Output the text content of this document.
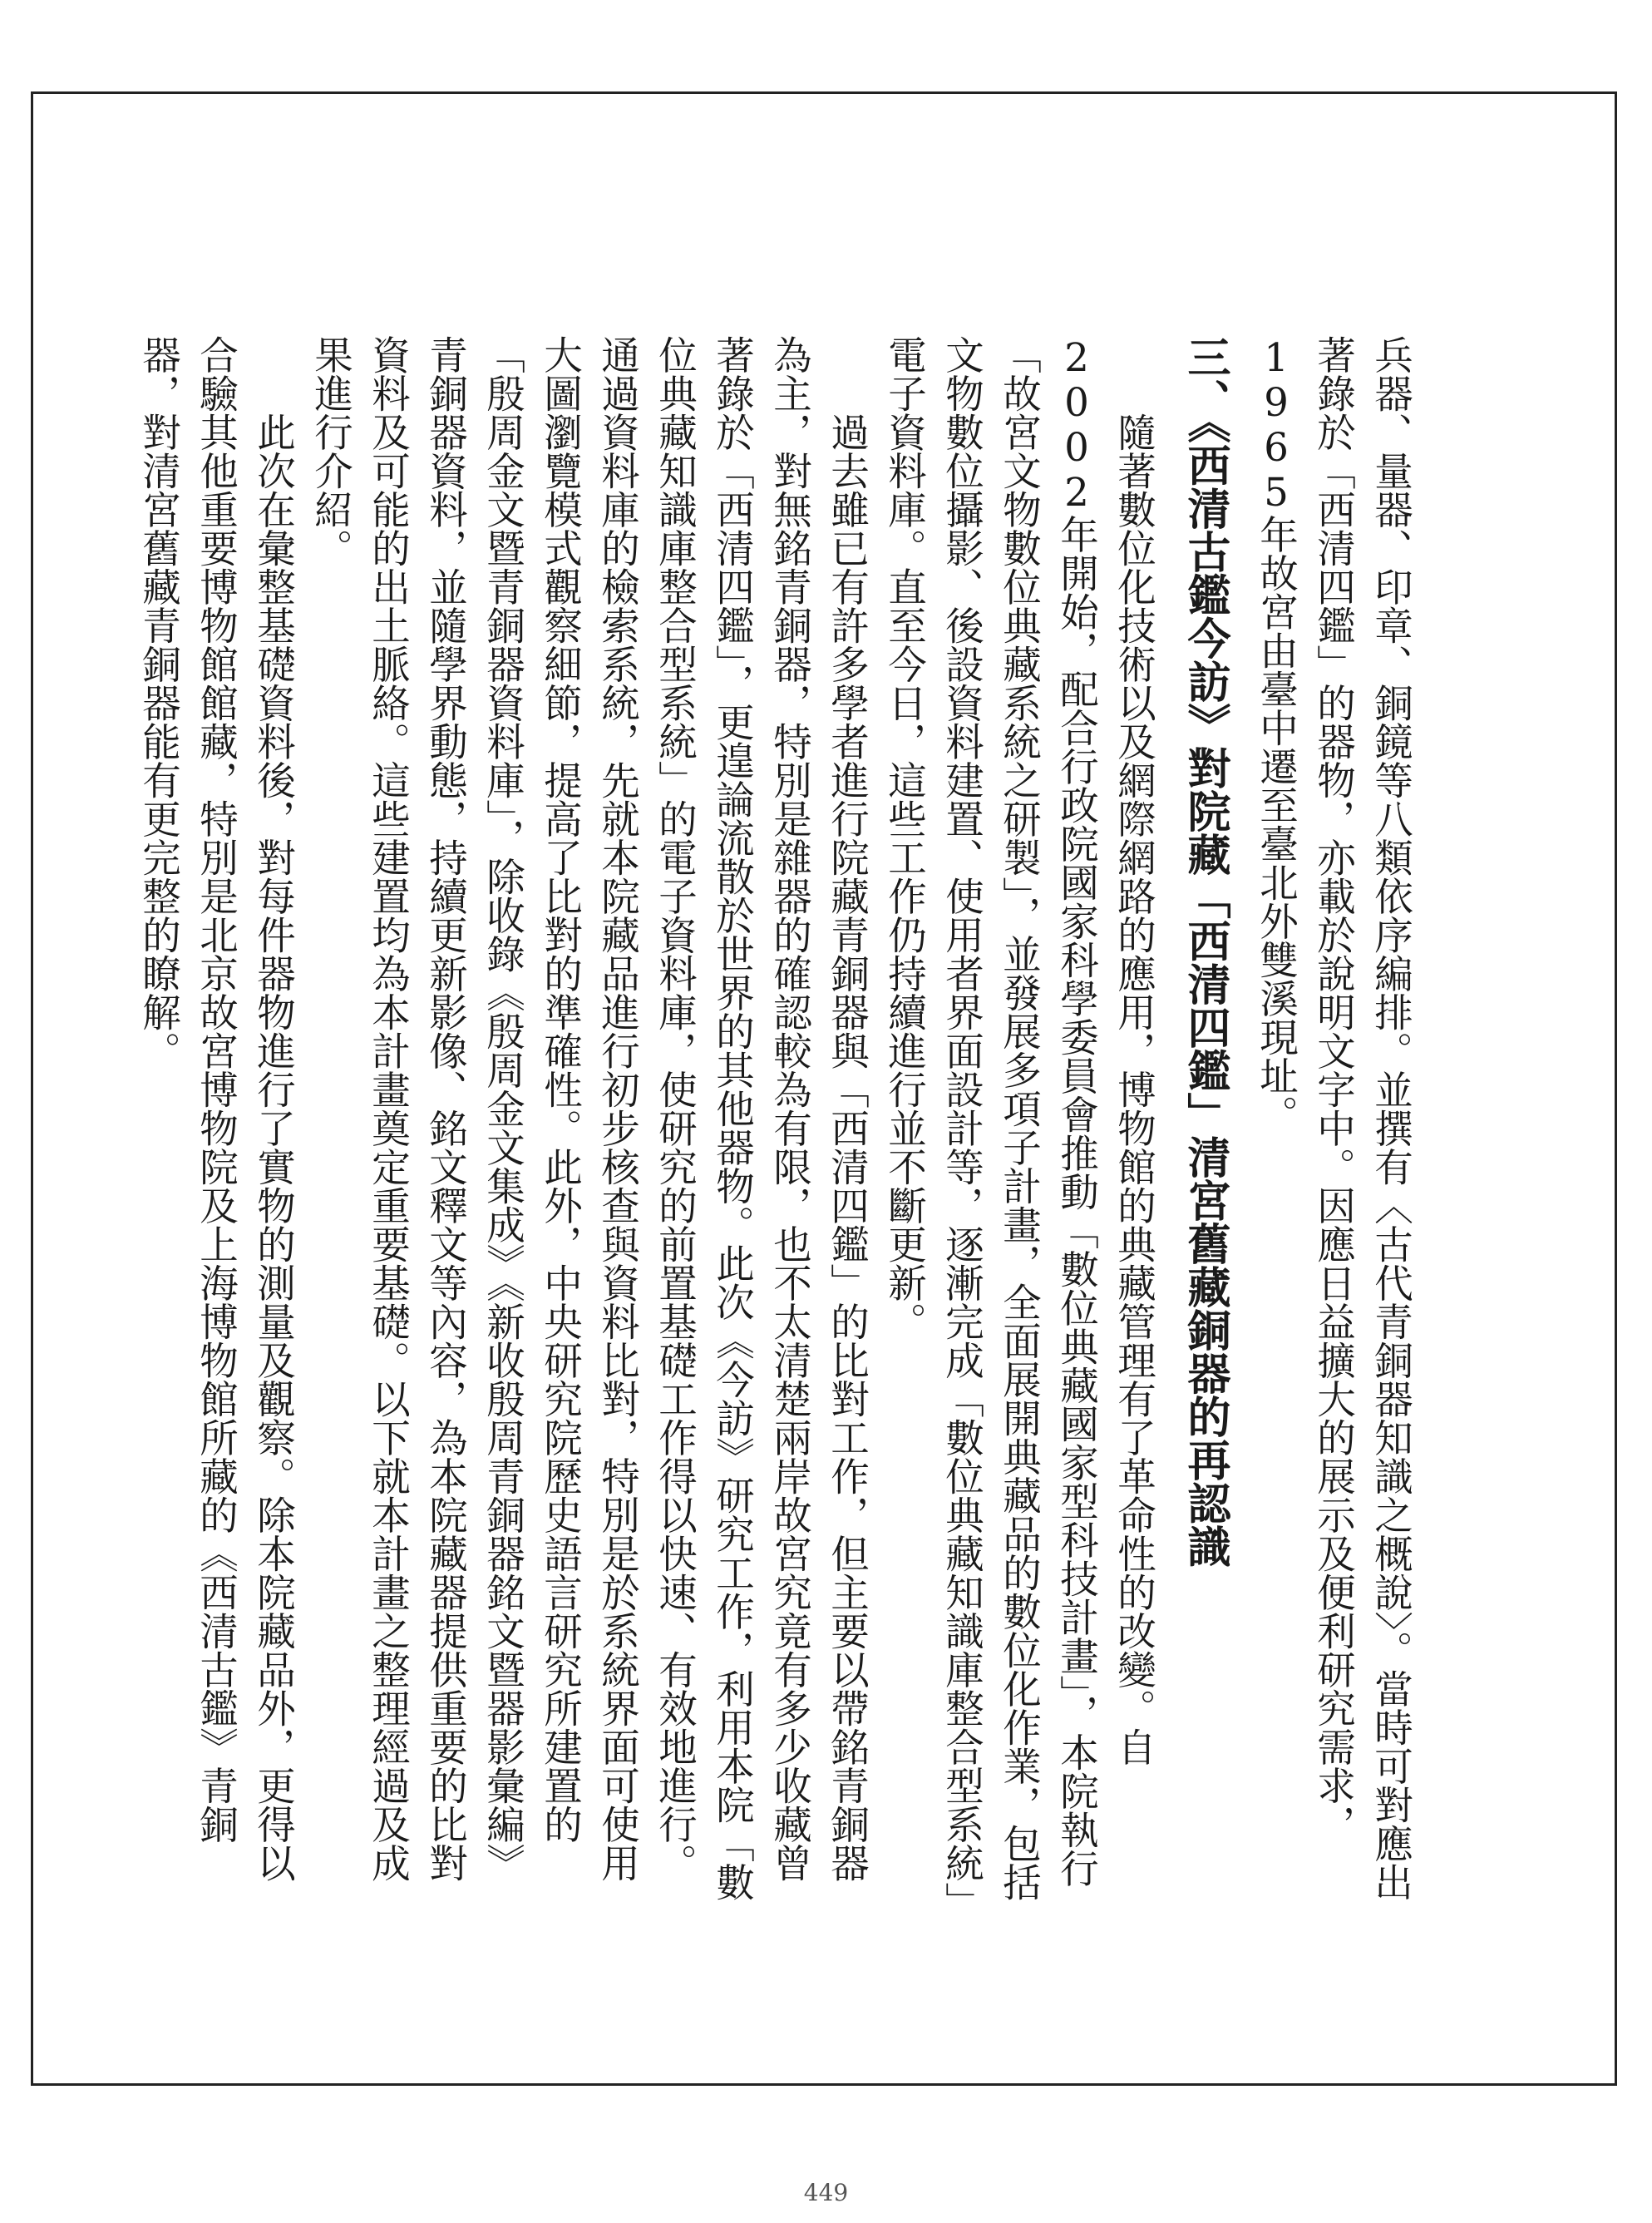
兵器、量器、印章、銅鏡等八類依序編排。並撰有〈古代青銅器知識之概說〉。當時可對應出著錄於「西清四鑑」的器物，亦載於說明文字中。因應日益擴大的展示及便利研究需求，1965年故宮由臺中遷至臺北外雙溪現址。

三、《西清古鑑今訪》對院藏「西清四鑑」清宮舊藏銅器的再認識

隨著數位化技術以及網際網路的應用，博物館的典藏管理有了革命性的改變。自2002年開始，配合行政院國家科學委員會推動「數位典藏國家型科技計畫」，本院執行「故宮文物數位典藏系統之研製」，並發展多項子計畫，全面展開典藏品的數位化作業，包括文物數位攝影、後設資料建置、使用者界面設計等，逐漸完成「數位典藏知識庫整合型系統」電子資料庫。直至今日，這些工作仍持續進行並不斷更新。

過去雖已有許多學者進行院藏青銅器與「西清四鑑」的比對工作，但主要以帶銘青銅器為主，對無銘青銅器，特別是雜器的確認較為有限，也不太清楚兩岸故宮究竟有多少收藏曾著錄於「西清四鑑」，更遑論流散於世界的其他器物。此次《今訪》研究工作，利用本院「數位典藏知識庫整合型系統」的電子資料庫，使研究的前置基礎工作得以快速、有效地進行。通過資料庫的檢索系統，先就本院藏品進行初步核查與資料比對，特別是於系統界面可使用大圖瀏覽模式觀察細節，提高了比對的準確性。此外，中央研究院歷史語言研究所建置的「殷周金文暨青銅器資料庫」，除收錄《殷周金文集成》《新收殷周青銅器銘文暨器影彙編》青銅器資料，並隨學界動態，持續更新影像、銘文釋文等內容，為本院藏器提供重要的比對資料及可能的出土脈絡。這些建置均為本計畫奠定重要基礎。以下就本計畫之整理經過及成果進行介紹。

此次在彙整基礎資料後，對每件器物進行了實物的測量及觀察。除本院藏品外，更得以合驗其他重要博物館館藏，特別是北京故宮博物院及上海博物館所藏的《西清古鑑》青銅器，對清宮舊藏青銅器能有更完整的瞭解。

449
